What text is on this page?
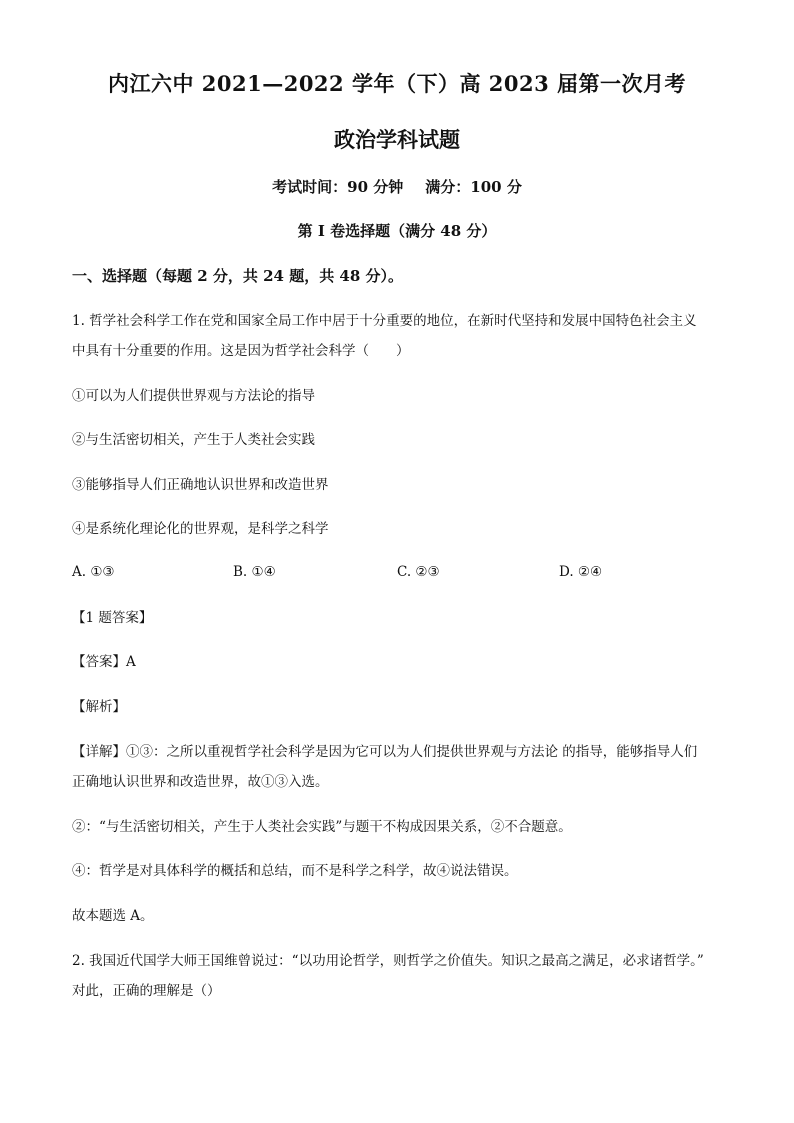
内江六中 2021—2022 学年（下）高 2023 届第一次月考
政治学科试题
考试时间：90 分钟 满分：100 分
第 I 卷选择题（满分 48 分）
一、选择题（每题 2 分，共 24 题，共 48 分）。
1. 哲学社会科学工作在党和国家全局工作中居于十分重要的地位，在新时代坚持和发展中国特色社会主义
中具有十分重要的作用。这是因为哲学社会科学（　　）
①可以为人们提供世界观与方法论的指导
②与生活密切相关，产生于人类社会实践
③能够指导人们正确地认识世界和改造世界
④是系统化理论化的世界观，是科学之科学
A. ①③	B. ①④	C. ②③	D. ②④
【1 题答案】
【答案】A
【解析】
【详解】①③：之所以重视哲学社会科学是因为它可以为人们提供世界观与方法论 的指导，能够指导人们
正确地认识世界和改造世界，故①③入选。
②：“与生活密切相关，产生于人类社会实践”与题干不构成因果关系，②不合题意。
④：哲学是对具体科学的概括和总结，而不是科学之科学，故④说法错误。
故本题选 A。
2. 我国近代国学大师王国维曾说过：“以功用论哲学，则哲学之价值失。知识之最高之满足，必求诸哲学。”
对此，正确的理解是（）
